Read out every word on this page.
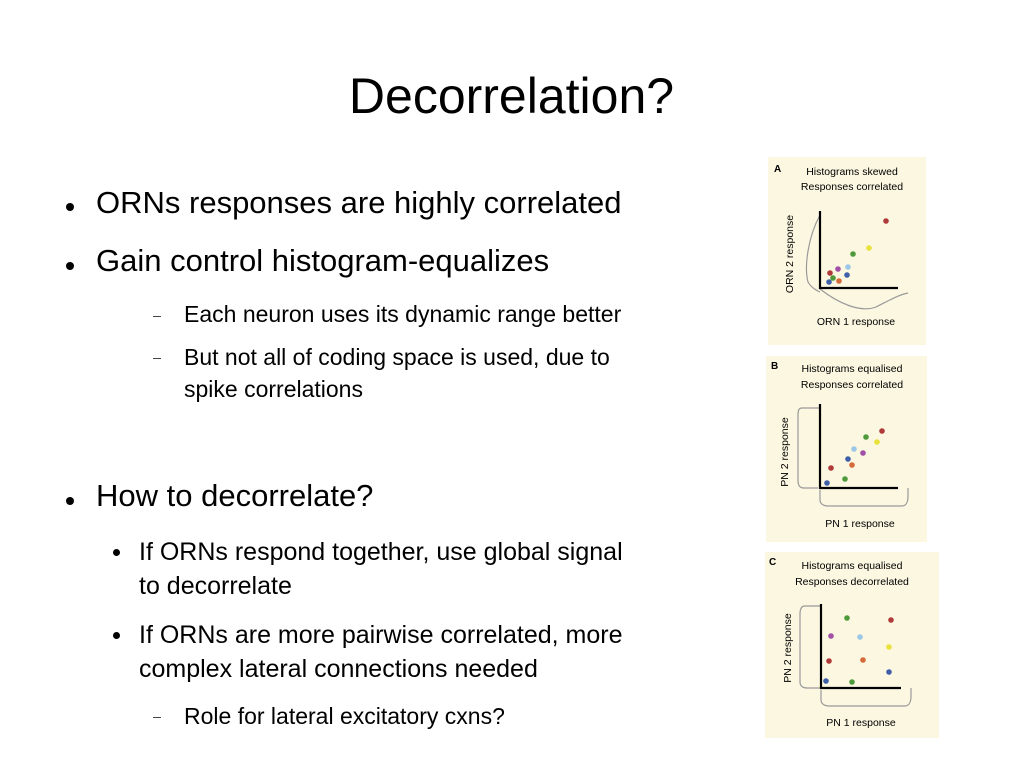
Decorrelation?
ORNs responses are highly correlated
Gain control histogram-equalizes
Each neuron uses its dynamic range better
But not all of coding space is used, due to
spike correlations
How to decorrelate?
If ORNs respond together, use global signal
to decorrelate
If ORNs are more pairwise correlated, more
complex lateral connections needed
Role for lateral excitatory cxns?
A Histograms skewed
Responses correlated
ORN 2 response
ORN 1 response
B Histograms equalised
Responses correlated
PN 2 response
PN 1 response
C Histograms equalised
Responses decorrelated
PN 2 response
PN 1 response
